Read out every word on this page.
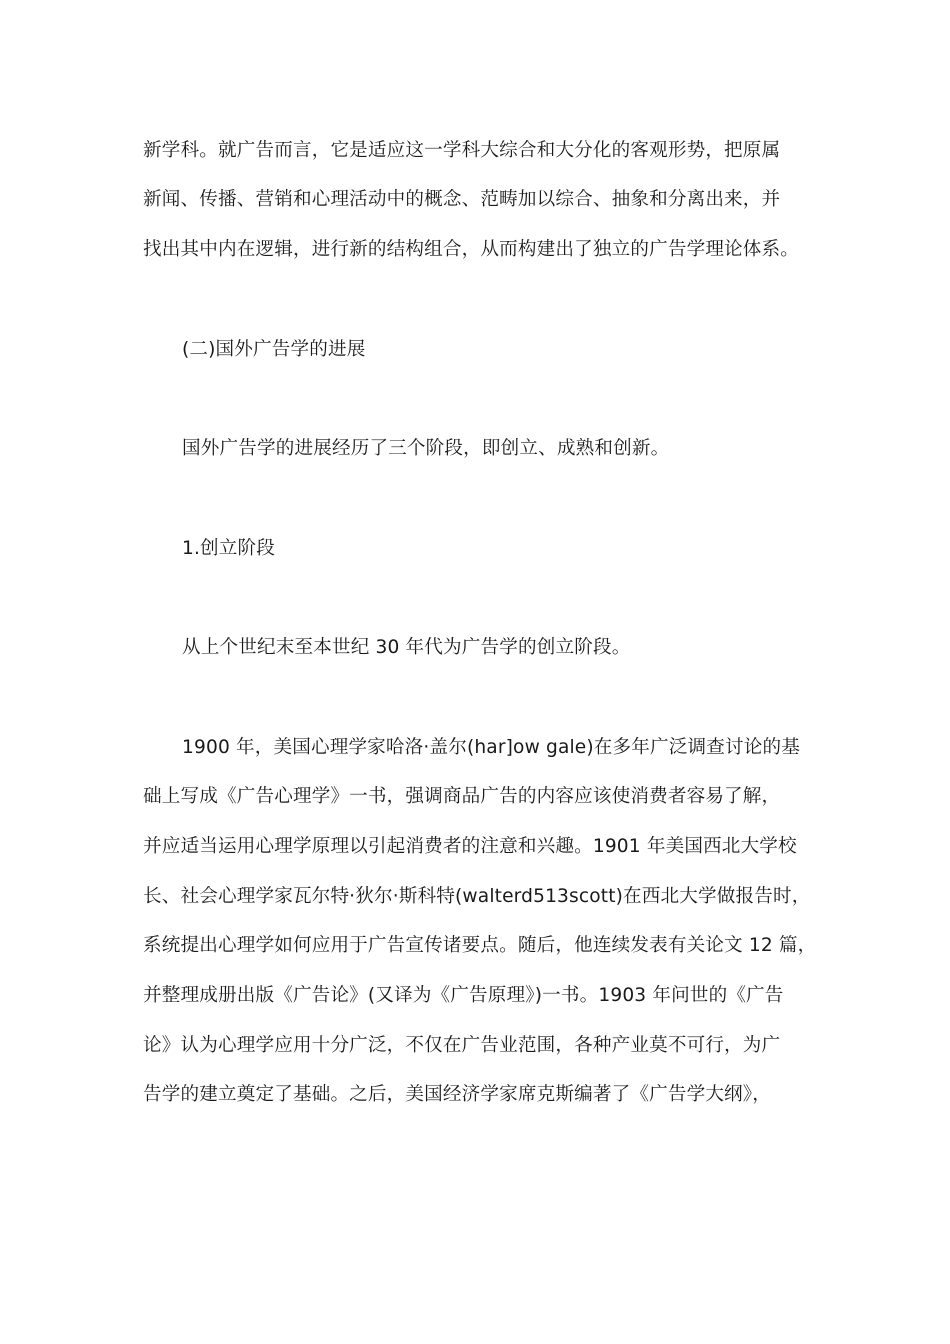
新学科。就广告而言，它是适应这一学科大综合和大分化的客观形势，把原属
新闻、传播、营销和心理活动中的概念、范畴加以综合、抽象和分离出来，并
找出其中内在逻辑，进行新的结构组合，从而构建出了独立的广告学理论体系。
(二)国外广告学的进展
国外广告学的进展经历了三个阶段，即创立、成熟和创新。
1.创立阶段
从上个世纪末至本世纪 30 年代为广告学的创立阶段。
1900 年，美国心理学家哈洛·盖尔(har]ow gale)在多年广泛调查讨论的基
础上写成《广告心理学》一书，强调商品广告的内容应该使消费者容易了解，
并应适当运用心理学原理以引起消费者的注意和兴趣。1901 年美国西北大学校
长、社会心理学家瓦尔特·狄尔·斯科特(walterd513scott)在西北大学做报告时，
系统提出心理学如何应用于广告宣传诸要点。随后，他连续发表有关论文 12 篇，
并整理成册出版《广告论》(又译为《广告原理》)一书。1903 年问世的《广告
论》认为心理学应用十分广泛，不仅在广告业范围，各种产业莫不可行，为广
告学的建立奠定了基础。之后，美国经济学家席克斯编著了《广告学大纲》，
